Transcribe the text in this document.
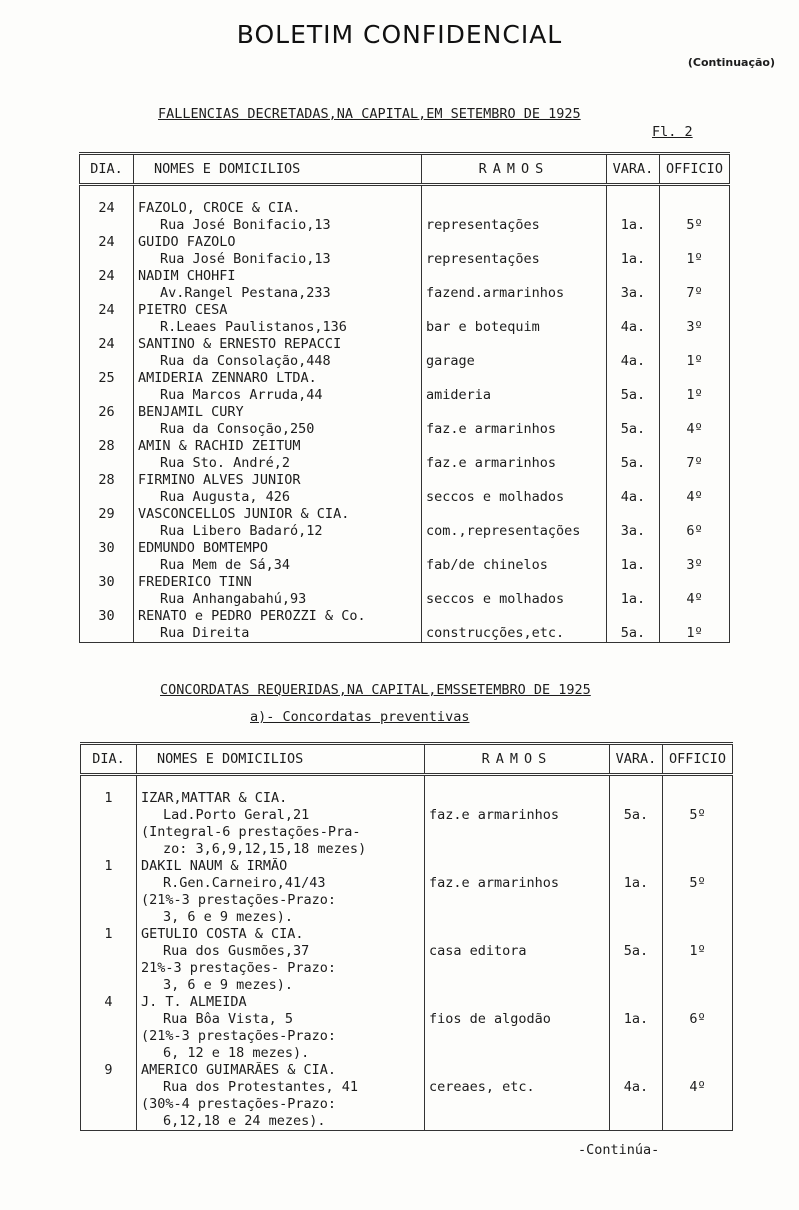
BOLETIM CONFIDENCIAL
(Continuação)
FALLENCIAS DECRETADAS,NA CAPITAL,EM SETEMBRO DE 1925
Fl. 2
DIA.	NOMES E DOMICILIOS	RAMOS	VARA.	OFFICIO
24	FAZOLO, CROCE & CIA.
Rua José Bonifacio,13	representações	1a.	5º

24	GUIDO FAZOLO
Rua José Bonifacio,13	representações	1a.	1º

24	NADIM CHOHFI
Av.Rangel Pestana,233	fazend.armarinhos	3a.	7º

24	PIETRO CESA
R.Leaes Paulistanos,136	bar e botequim	4a.	3º

24	SANTINO & ERNESTO REPACCI
Rua da Consolação,448	garage	4a.	1º

25	AMIDERIA ZENNARO LTDA.
Rua Marcos Arruda,44	amideria	5a.	1º

26	BENJAMIL CURY
Rua da Consoção,250	faz.e armarinhos	5a.	4º

28	AMIN & RACHID ZEITUM
Rua Sto. André,2	faz.e armarinhos	5a.	7º

28	FIRMINO ALVES JUNIOR
Rua Augusta, 426	seccos e molhados	4a.	4º

29	VASCONCELLOS JUNIOR & CIA.
Rua Libero Badaró,12	com.,representações	3a.	6º

30	EDMUNDO BOMTEMPO
Rua Mem de Sá,34	fab/de chinelos	1a.	3º

30	FREDERICO TINN
Rua Anhangabahú,93	seccos e molhados	1a.	4º

30	RENATO e PEDRO PEROZZI & Co.
Rua Direita	construcções,etc.	5a.	1º
CONCORDATAS REQUERIDAS,NA CAPITAL,EMSSETEMBRO DE 1925
a)- Concordatas preventivas
DIA.	NOMES E DOMICILIOS	RAMOS	VARA.	OFFICIO
1	IZAR,MATTAR & CIA.
Lad.Porto Geral,21
(Integral-6 prestações-Pra-
zo: 3,6,9,12,15,18 mezes)	faz.e armarinhos	5a.	5º

1	DAKIL NAUM & IRMÃO
R.Gen.Carneiro,41/43
(21%-3 prestações-Prazo:
3, 6 e 9 mezes).	faz.e armarinhos	1a.	5º

1	GETULIO COSTA & CIA.
Rua dos Gusmões,37
21%-3 prestações- Prazo:
3, 6 e 9 mezes).	casa editora	5a.	1º

4	J. T. ALMEIDA
Rua Bôa Vista, 5
(21%-3 prestações-Prazo:
6, 12 e 18 mezes).	fios de algodão	1a.	6º

9	AMERICO GUIMARÃES & CIA.
Rua dos Protestantes, 41
(30%-4 prestações-Prazo:
6,12,18 e 24 mezes).	cereaes, etc.	4a.	4º
-Continúa-
